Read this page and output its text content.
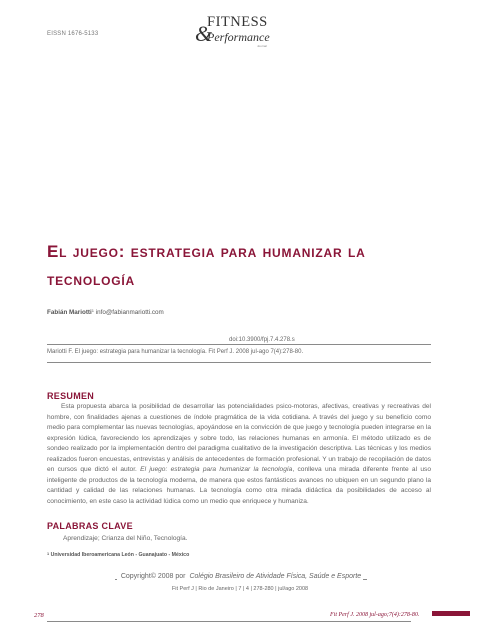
EISSN 1676-5133	&
FITNESS
Performance
Journal
El juego: estrategia para humanizar la tecnología
Fabián Mariotti$^1$ info@fabianmariotti.com
doi:10.3900/fpj.7.4.278.s
Mariotti F. El juego: estrategia para humanizar la tecnología. Fit Perf J. 2008 jul-ago 7(4):278-80.
RESUMEN

Esta propuesta abarca la posibilidad de desarrollar las potencialidades psico-motoras, afectivas, creativas y recreativas del hombre, con finalidades ajenas a cuestiones de índole pragmática de la vida cotidiana. A través del juego y su beneficio como medio para complementar las nuevas tecnologías, apoyándose en la convicción de que juego y tecnología pueden integrarse en la expresión lúdica, favoreciendo los aprendizajes y sobre todo, las relaciones humanas en armonía. El método utilizado es de sondeo realizado por la implementación dentro del paradigma cualitativo de la investigación descriptiva. Las técnicas y los medios realizados fueron encuestas, entrevistas y análisis de antecedentes de formación profesional. Y un trabajo de recopilación de datos en cursos que dictó el autor. El juego: estrategia para humanizar la tecnología, conlleva una mirada diferente frente al uso inteligente de productos de la tecnología moderna, de manera que estos fantásticos avances no ubiquen en un segundo plano la cantidad y calidad de las relaciones humanas. La tecnología como otra mirada didáctica da posibilidades de acceso al conocimiento, en este caso la actividad lúdica como un medio que enriquece y humaniza.

PALABRAS CLAVE
Aprendizaje; Crianza del Niño, Tecnología.
$^1$ Universidad Iberoamericana León - Guanajuato - México
Copyright© 2008 por Colégio Brasileiro de Atividade Física, Saúde e Esporte
Fit Perf J | Rio de Janeiro | 7 | 4 | 278-280 | jul/ago 2008
278	Fit Perf J. 2008 jul-ago;7(4):278-80.
